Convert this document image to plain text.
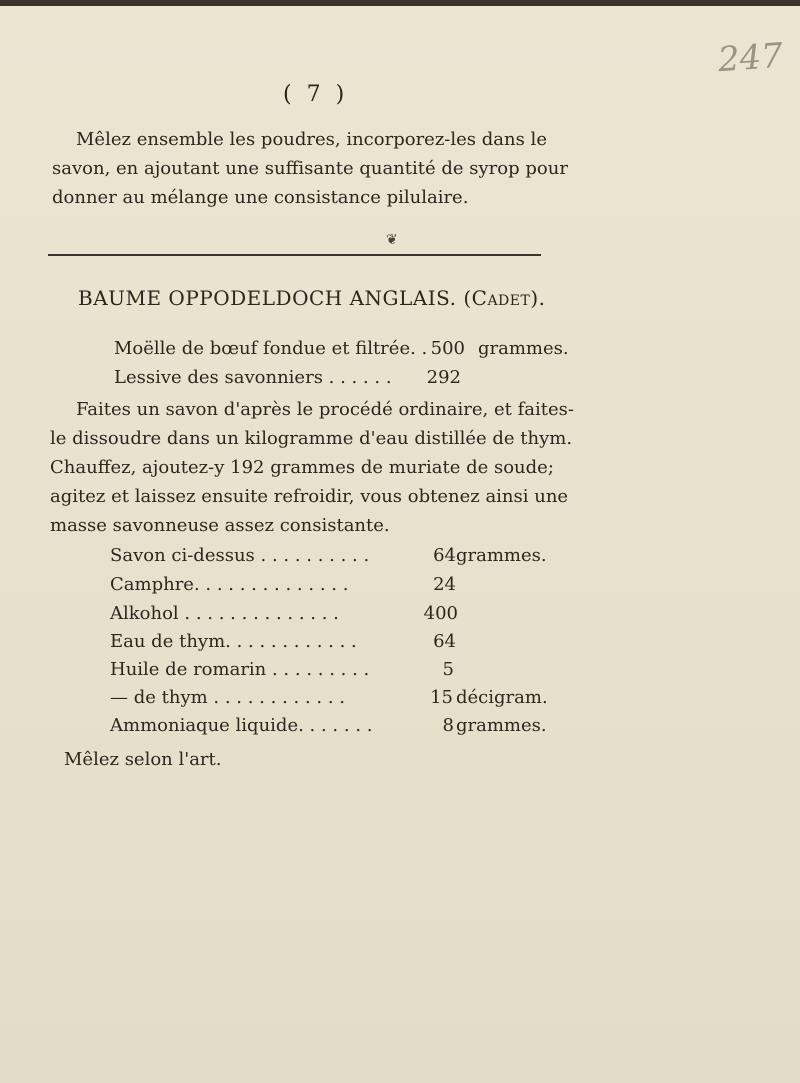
247
( 7 )
Mêlez ensemble les poudres, incorporez-les dans le
savon, en ajoutant une suffisante quantité de syrop pour
donner au mélange une consistance pilulaire.
❦
BAUME OPPODELDOCH ANGLAIS. (Cadet).
Moëlle de bœuf fondue et filtrée. . 500 grammes.
Lessive des savonniers . . . . . .	292
Faites un savon d'après le procédé ordinaire, et faites-
le dissoudre dans un kilogramme d'eau distillée de thym.
Chauffez, ajoutez-y 192 grammes de muriate de soude;
agitez et laissez ensuite refroidir, vous obtenez ainsi une
masse savonneuse assez consistante.
Savon ci-dessus . . . . . . . . . .	64 grammes.
Camphre. . . . . . . . . . . . . .	24
Alkohol . . . . . . . . . . . . . .	400
Eau de thym. . . . . . . . . . . .	64
Huile de romarin . . . . . . . . .	5
— de thym . . . . . . . . . . . .	15 décigram.
Ammoniaque liquide. . . . . . .	8 grammes.
Mêlez selon l'art.
